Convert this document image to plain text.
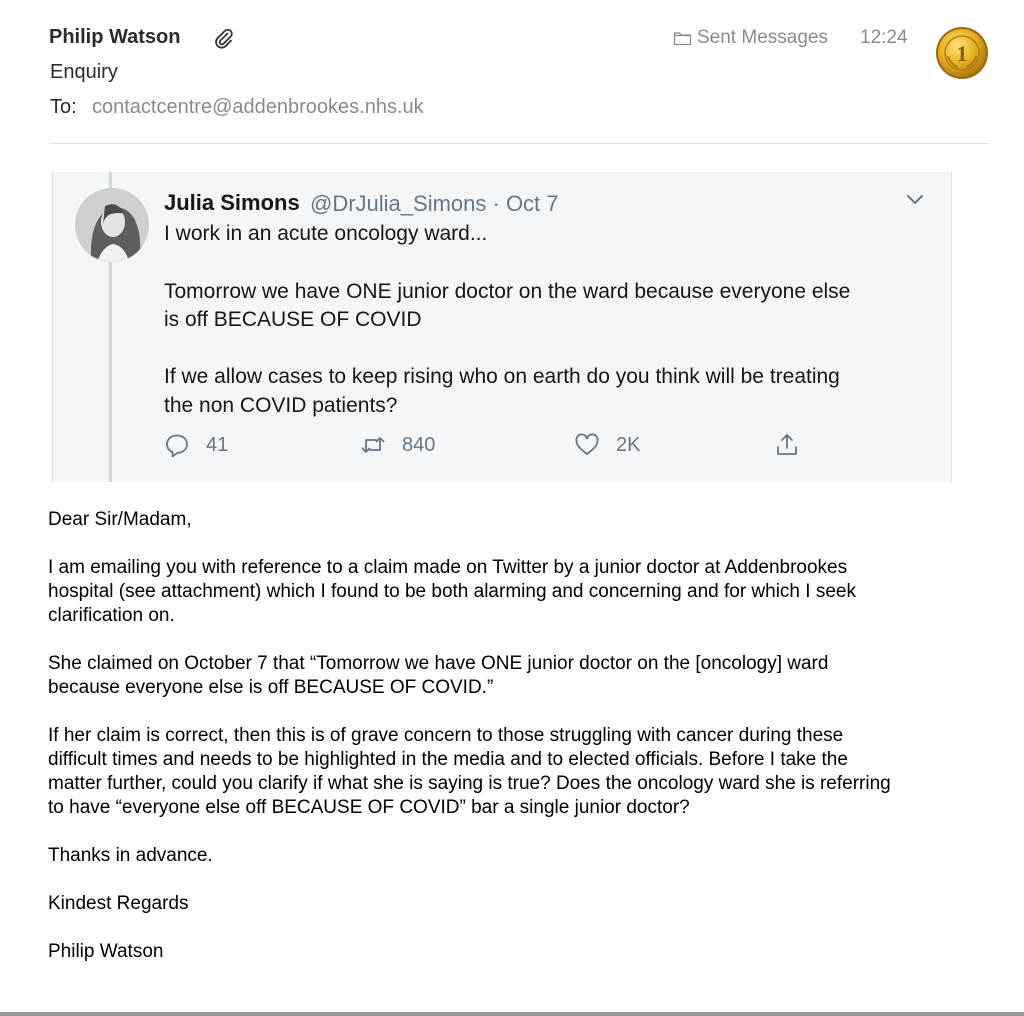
Philip Watson
Enquiry
To: contactcentre@addenbrookes.nhs.uk
Sent Messages 12:24
1
Julia Simons @DrJulia_Simons · Oct 7
I work in an acute oncology ward...
Tomorrow we have ONE junior doctor on the ward because everyone else
is off BECAUSE OF COVID
If we allow cases to keep rising who on earth do you think will be treating
the non COVID patients?
41	840	2K
Dear Sir/Madam,
I am emailing you with reference to a claim made on Twitter by a junior doctor at Addenbrookes
hospital (see attachment) which I found to be both alarming and concerning and for which I seek
clarification on.
She claimed on October 7 that “Tomorrow we have ONE junior doctor on the [oncology] ward
because everyone else is off BECAUSE OF COVID.”
If her claim is correct, then this is of grave concern to those struggling with cancer during these
difficult times and needs to be highlighted in the media and to elected officials. Before I take the
matter further, could you clarify if what she is saying is true? Does the oncology ward she is referring
to have “everyone else off BECAUSE OF COVID” bar a single junior doctor?
Thanks in advance.
Kindest Regards
Philip Watson
